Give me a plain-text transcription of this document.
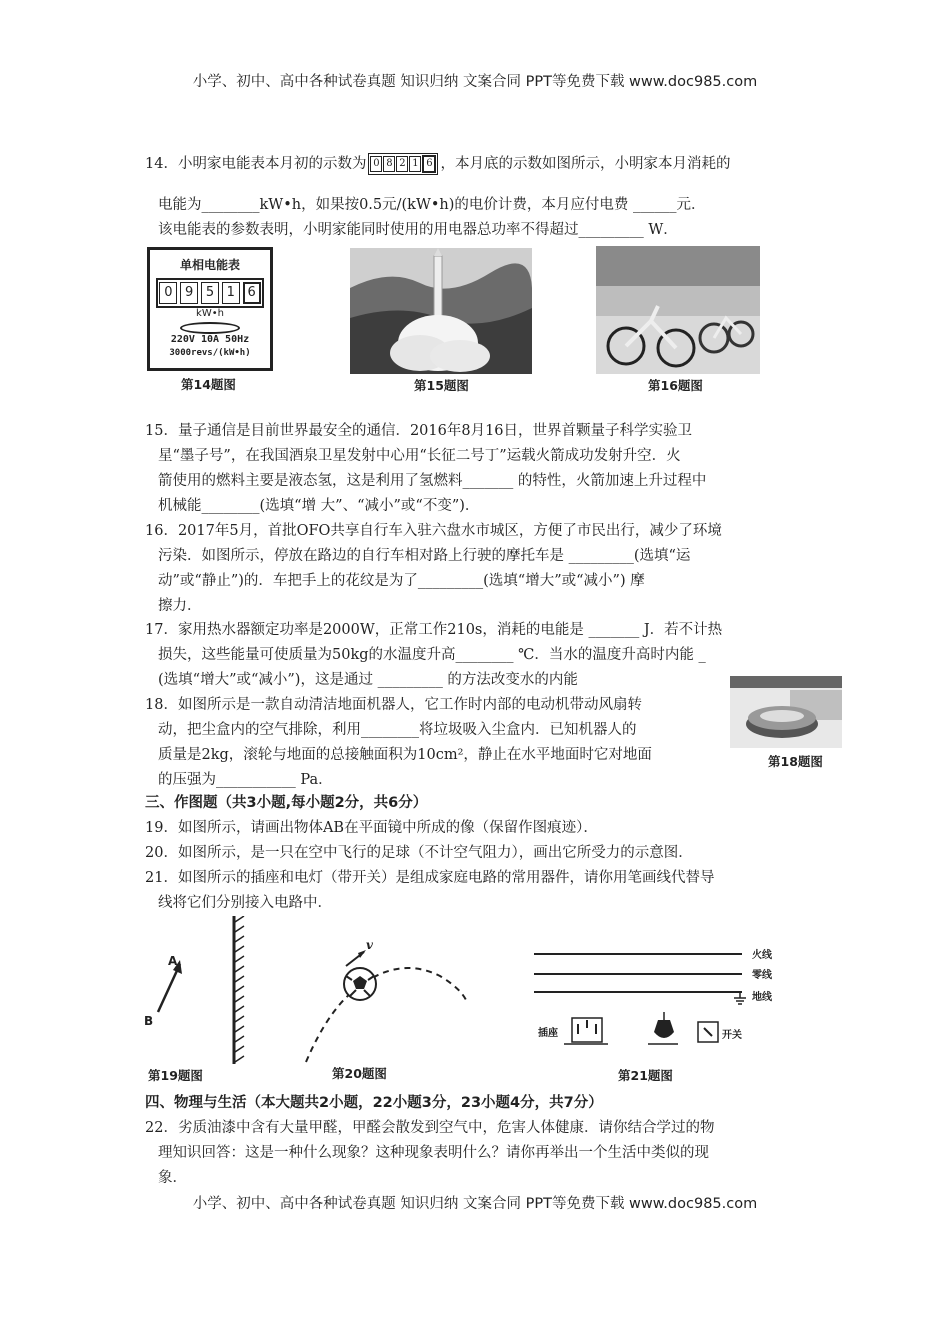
小学、初中、高中各种试卷真题 知识归纳 文案合同 PPT等免费下载 www.doc985.com
小学、初中、高中各种试卷真题 知识归纳 文案合同 PPT等免费下载 www.doc985.com
14．小明家电能表本月初的示数为 0 8 2 1 6 ，本月底的示数如图所示，小明家本月消耗的
电能为________kW•h，如果按0.5元/(kW•h)的电价计费，本月应付电费 ______元．
该电能表的参数表明，小明家能同时使用的用电器总功率不得超过_________ W．
单相电能表
0 9 5 1 6
kW•h
220V 10A 50Hz
3000revs/(kW•h)
第14题图	第15题图	第16题图
15．量子通信是目前世界最安全的通信．2016年8月16日，世界首颗量子科学实验卫
星“墨子号”，在我国酒泉卫星发射中心用“长征二号丁”运载火箭成功发射升空．火
箭使用的燃料主要是液态氢，这是利用了氢燃料_______ 的特性，火箭加速上升过程中
机械能________(选填“增 大”、“减小”或“不变”)．
16．2017年5月，首批OFO共享自行车入驻六盘水市城区，方便了市民出行，减少了环境
污染．如图所示，停放在路边的自行车相对路上行驶的摩托车是 _________(选填“运
动”或“静止”)的．车把手上的花纹是为了_________(选填“增大”或“减小”) 摩
擦力．
17．家用热水器额定功率是2000W，正常工作210s，消耗的电能是 _______ J．若不计热
损失，这些能量可使质量为50kg的水温度升高________ ℃．当水的温度升高时内能 _
(选填“增大”或“减小”)，这是通过 _________ 的方法改变水的内能
18．如图所示是一款自动清洁地面机器人，它工作时内部的电动机带动风扇转
动，把尘盒内的空气排除，利用________将垃圾吸入尘盒内．已知机器人的
质量是2kg，滚轮与地面的总接触面积为10cm²，静止在水平地面时它对地面
的压强为___________ Pa．
第18题图
三、作图题（共3小题,每小题2分，共6分）
19．如图所示，请画出物体AB在平面镜中所成的像（保留作图痕迹）．
20．如图所示，是一只在空中飞行的足球（不计空气阻力），画出它所受力的示意图．
21．如图所示的插座和电灯（带开关）是组成家庭电路的常用器件，请你用笔画线代替导
线将它们分别接入电路中．
A
B
第19题图
v
第20题图
火线
零线
地线
插座	开关
第21题图
四、物理与生活（本大题共2小题，22小题3分，23小题4分，共7分）
22．劣质油漆中含有大量甲醛，甲醛会散发到空气中，危害人体健康．请你结合学过的物
理知识回答：这是一种什么现象？这种现象表明什么？请你再举出一个生活中类似的现
象．
